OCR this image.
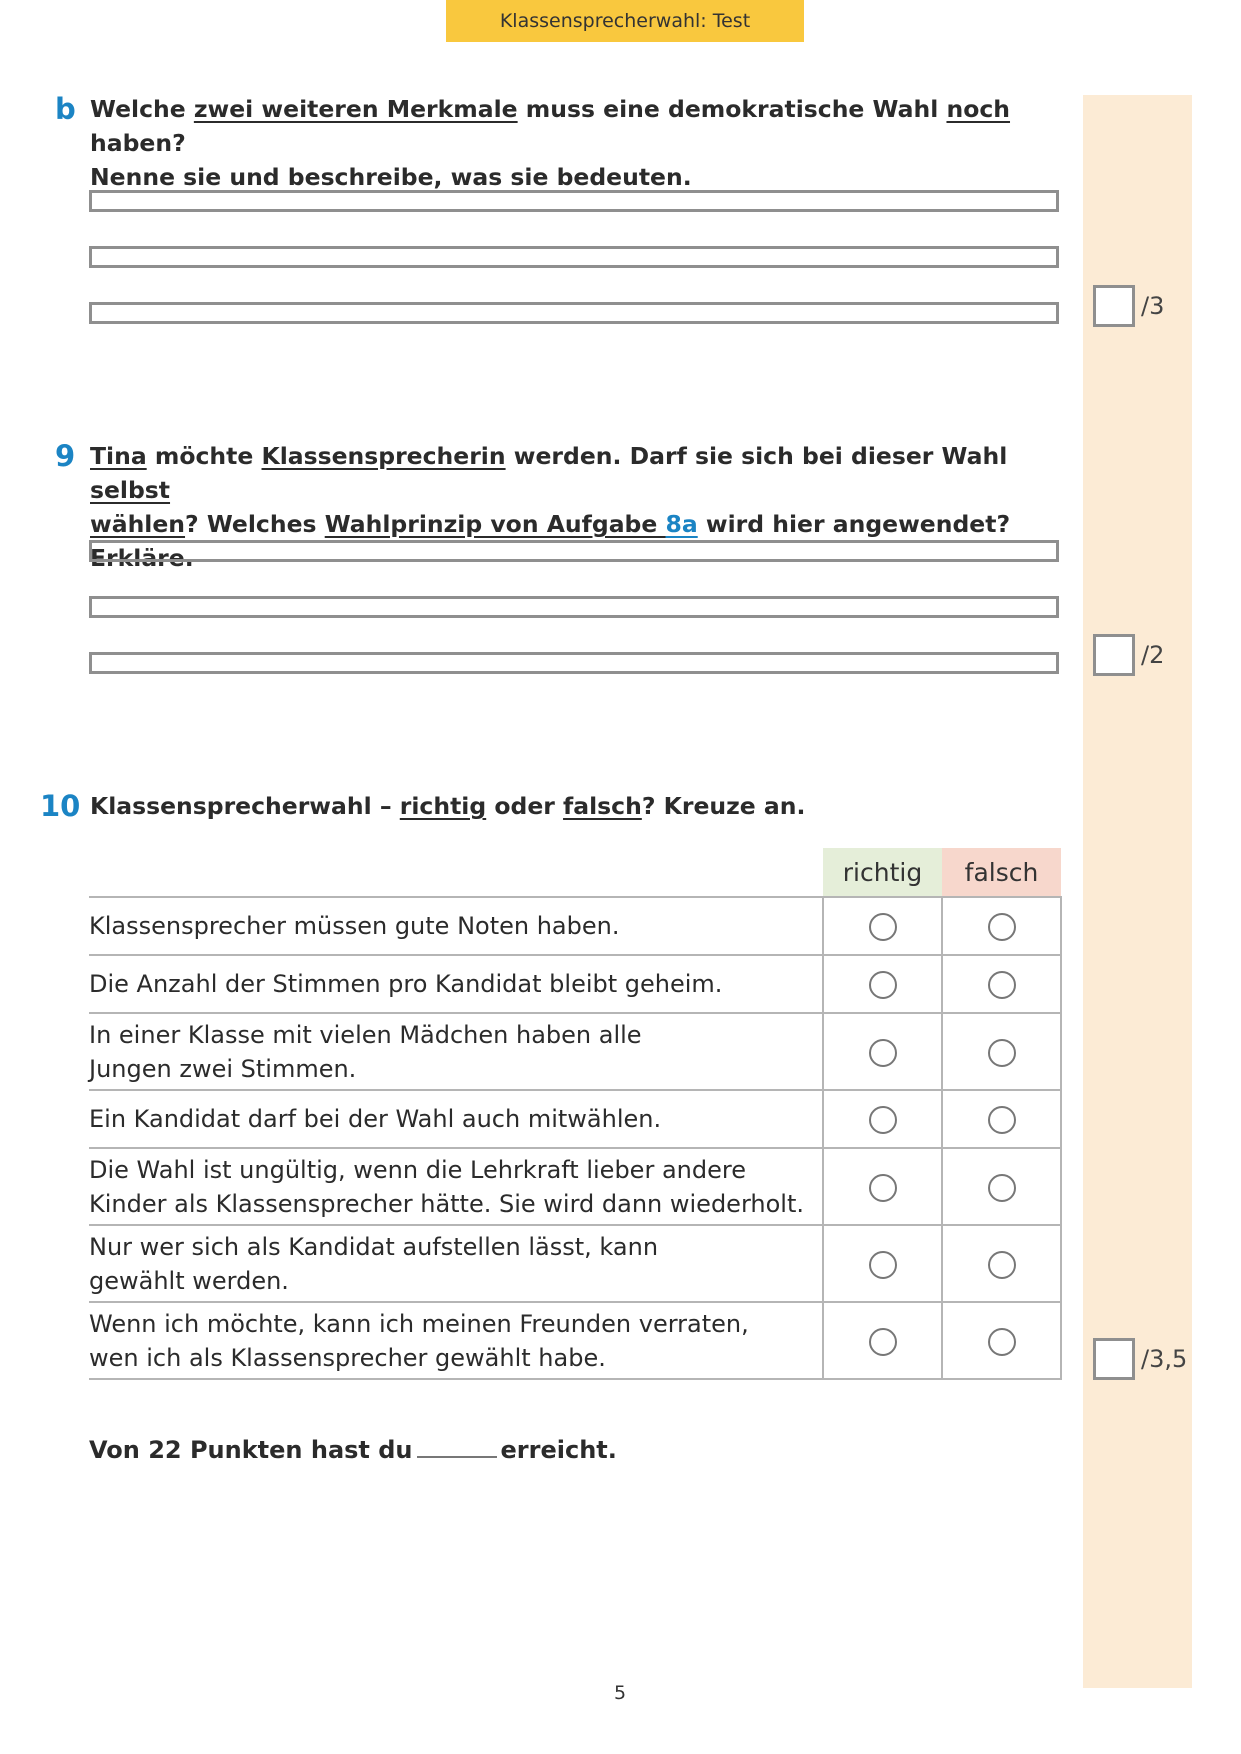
Klassensprecherwahl: Test
b Welche zwei weiteren Merkmale muss eine demokratische Wahl noch haben?
Nenne sie und beschreibe, was sie bedeuten.
/3
9 Tina möchte Klassensprecherin werden. Darf sie sich bei dieser Wahl selbst
wählen? Welches Wahlprinzip von Aufgabe 8a wird hier angewendet? Erkläre.
/2
10 Klassensprecherwahl – richtig oder falsch? Kreuze an.
	richtig	falsch

Klassensprecher müssen gute Noten haben.		

Die Anzahl der Stimmen pro Kandidat bleibt geheim.		

In einer Klasse mit vielen Mädchen haben alle
Jungen zwei Stimmen.		

Ein Kandidat darf bei der Wahl auch mitwählen.		

Die Wahl ist ungültig, wenn die Lehrkraft lieber andere
Kinder als Klassensprecher hätte. Sie wird dann wiederholt.		

Nur wer sich als Kandidat aufstellen lässt, kann
gewählt werden.		

Wenn ich möchte, kann ich meinen Freunden verraten,
wen ich als Klassensprecher gewählt habe.		
			/3,5
Von 22 Punkten hast du	erreicht.
5
